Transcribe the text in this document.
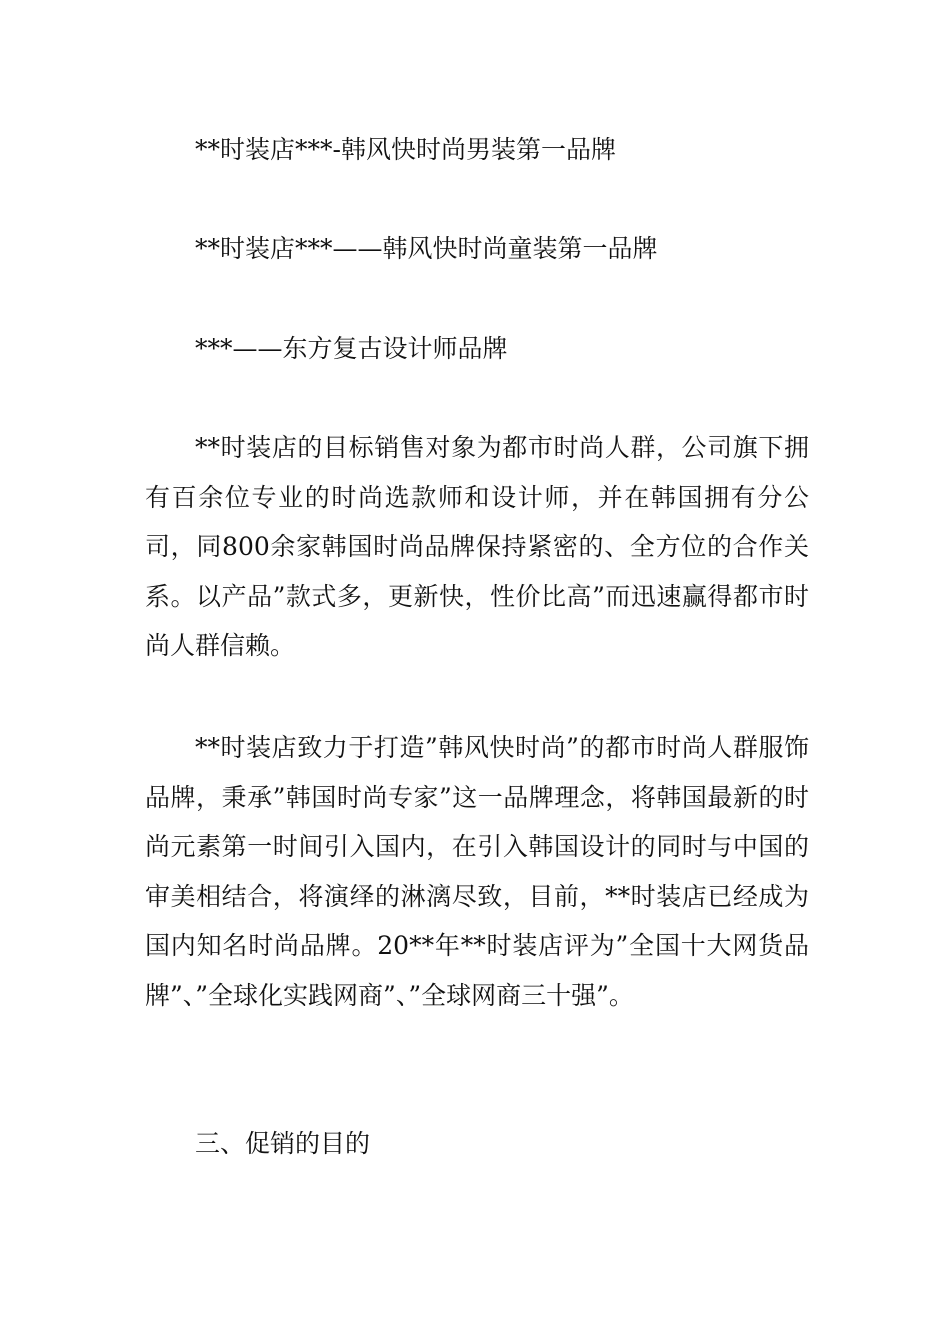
**时装店***-韩风快时尚男装第一品牌
**时装店***——韩风快时尚童装第一品牌
***——东方复古设计师品牌
**时装店的目标销售对象为都市时尚人群，公司旗下拥有百余位专业的时尚选款师和设计师，并在韩国拥有分公司，同800余家韩国时尚品牌保持紧密的、全方位的合作关系。以产品”款式多，更新快，性价比高”而迅速赢得都市时尚人群信赖。
**时装店致力于打造”韩风快时尚”的都市时尚人群服饰品牌，秉承”韩国时尚专家”这一品牌理念，将韩国最新的时尚元素第一时间引入国内，在引入韩国设计的同时与中国的审美相结合，将演绎的淋漓尽致，目前，**时装店已经成为国内知名时尚品牌。20**年**时装店评为”全国十大网货品牌”、”全球化实践网商”、”全球网商三十强”。
三、促销的目的
